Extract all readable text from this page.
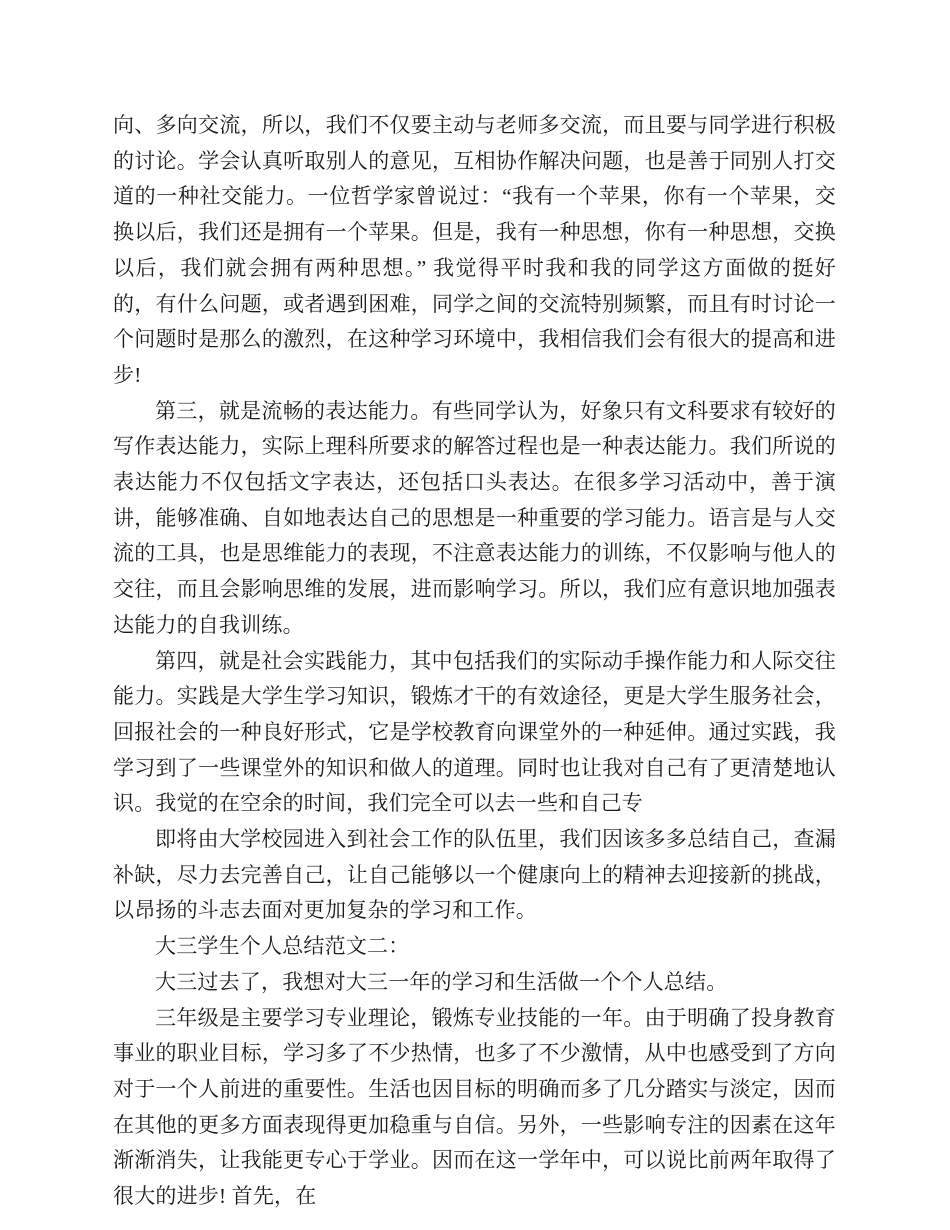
向、多向交流，所以，我们不仅要主动与老师多交流，而且要与同学进行积极的讨论。学会认真听取别人的意见，互相协作解决问题，也是善于同别人打交道的一种社交能力。一位哲学家曾说过：“我有一个苹果，你有一个苹果，交换以后，我们还是拥有一个苹果。但是，我有一种思想，你有一种思想，交换以后，我们就会拥有两种思想。” 我觉得平时我和我的同学这方面做的挺好的，有什么问题，或者遇到困难，同学之间的交流特别频繁，而且有时讨论一个问题时是那么的激烈，在这种学习环境中，我相信我们会有很大的提高和进步!

第三，就是流畅的表达能力。有些同学认为，好象只有文科要求有较好的写作表达能力，实际上理科所要求的解答过程也是一种表达能力。我们所说的表达能力不仅包括文字表达，还包括口头表达。在很多学习活动中，善于演讲，能够准确、自如地表达自己的思想是一种重要的学习能力。语言是与人交流的工具，也是思维能力的表现，不注意表达能力的训练，不仅影响与他人的交往，而且会影响思维的发展，进而影响学习。所以，我们应有意识地加强表达能力的自我训练。

第四，就是社会实践能力，其中包括我们的实际动手操作能力和人际交往能力。实践是大学生学习知识，锻炼才干的有效途径，更是大学生服务社会，回报社会的一种良好形式，它是学校教育向课堂外的一种延伸。通过实践，我学习到了一些课堂外的知识和做人的道理。同时也让我对自己有了更清楚地认识。我觉的在空余的时间，我们完全可以去一些和自己专

即将由大学校园进入到社会工作的队伍里，我们因该多多总结自己，查漏补缺，尽力去完善自己，让自己能够以一个健康向上的精神去迎接新的挑战，以昂扬的斗志去面对更加复杂的学习和工作。

大三学生个人总结范文二：

大三过去了，我想对大三一年的学习和生活做一个个人总结。

三年级是主要学习专业理论，锻炼专业技能的一年。由于明确了投身教育事业的职业目标，学习多了不少热情，也多了不少激情，从中也感受到了方向对于一个人前进的重要性。生活也因目标的明确而多了几分踏实与淡定，因而在其他的更多方面表现得更加稳重与自信。另外，一些影响专注的因素在这年渐渐消失，让我能更专心于学业。因而在这一学年中，可以说比前两年取得了很大的进步! 首先，在
